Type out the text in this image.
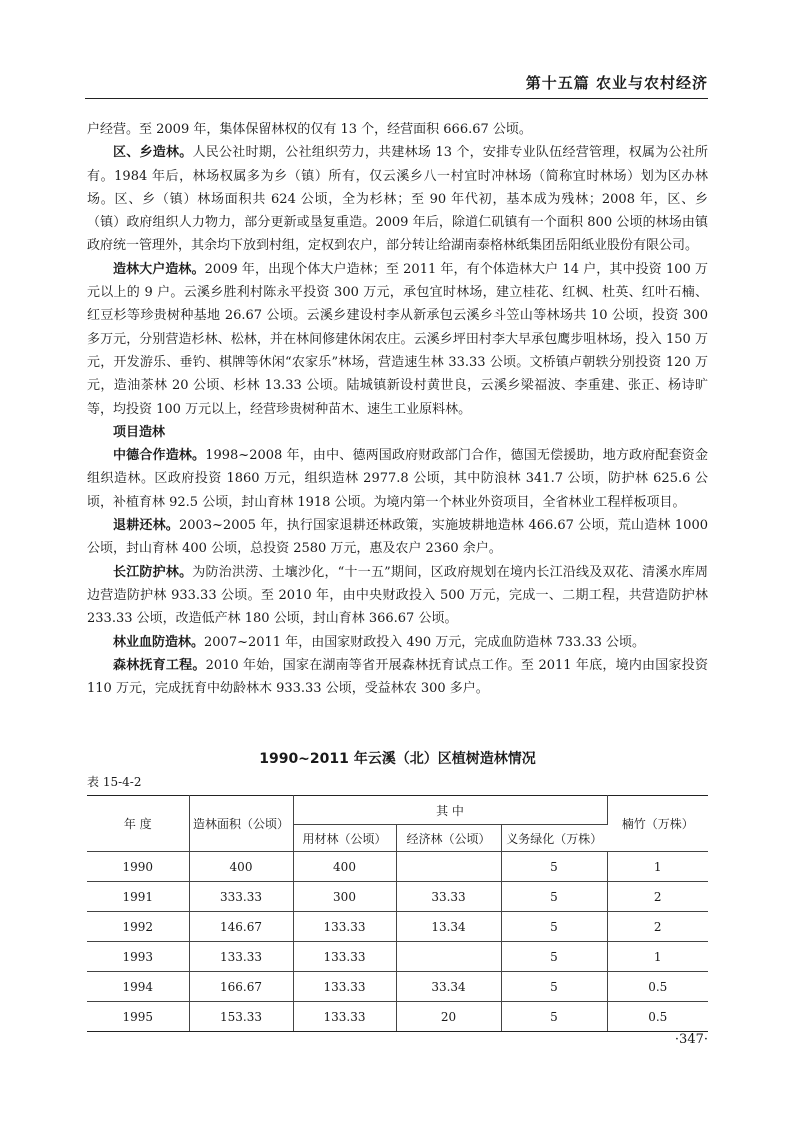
第十五篇 农业与农村经济

户经营。至 2009 年，集体保留林权的仅有 13 个，经营面积 666.67 公顷。

区、乡造林。人民公社时期，公社组织劳力，共建林场 13 个，安排专业队伍经营管理，权属为公社所有。1984 年后，林场权属多为乡（镇）所有，仅云溪乡八一村宜时冲林场（简称宜时林场）划为区办林场。区、乡（镇）林场面积共 624 公顷，全为杉林；至 90 年代初，基本成为残林；2008 年，区、乡（镇）政府组织人力物力，部分更新或垦复重造。2009 年后，除道仁矶镇有一个面积 800 公顷的林场由镇政府统一管理外，其余均下放到村组，定权到农户，部分转让给湖南泰格林纸集团岳阳纸业股份有限公司。

造林大户造林。2009 年，出现个体大户造林；至 2011 年，有个体造林大户 14 户，其中投资 100 万元以上的 9 户。云溪乡胜利村陈永平投资 300 万元，承包宜时林场，建立桂花、红枫、杜英、红叶石楠、红豆杉等珍贵树种基地 26.67 公顷。云溪乡建设村李从新承包云溪乡斗笠山等林场共 10 公顷，投资 300 多万元，分别营造杉林、松林，并在林间修建休闲农庄。云溪乡坪田村李大早承包鹰步咀林场，投入 150 万元，开发游乐、垂钓、棋牌等休闲“农家乐”林场，营造速生林 33.33 公顷。文桥镇卢朝轶分别投资 120 万元，造油茶林 20 公顷、杉林 13.33 公顷。陆城镇新设村黄世良，云溪乡梁福波、李重建、张正、杨诗旷等，均投资 100 万元以上，经营珍贵树种苗木、速生工业原料林。

项目造林

中德合作造林。1998~2008 年，由中、德两国政府财政部门合作，德国无偿援助，地方政府配套资金组织造林。区政府投资 1860 万元，组织造林 2977.8 公顷，其中防浪林 341.7 公顷，防护林 625.6 公顷，补植育林 92.5 公顷，封山育林 1918 公顷。为境内第一个林业外资项目，全省林业工程样板项目。

退耕还林。2003~2005 年，执行国家退耕还林政策，实施坡耕地造林 466.67 公顷，荒山造林 1000 公顷，封山育林 400 公顷，总投资 2580 万元，惠及农户 2360 余户。

长江防护林。为防治洪涝、土壤沙化，“十一五”期间，区政府规划在境内长江沿线及双花、清溪水库周边营造防护林 933.33 公顷。至 2010 年，由中央财政投入 500 万元，完成一、二期工程，共营造防护林 233.33 公顷，改造低产林 180 公顷，封山育林 366.67 公顷。

林业血防造林。2007~2011 年，由国家财政投入 490 万元，完成血防造林 733.33 公顷。

森林抚育工程。2010 年始，国家在湖南等省开展森林抚育试点工作。至 2011 年底，境内由国家投资 110 万元，完成抚育中幼龄林木 933.33 公顷，受益林农 300 多户。

1990~2011 年云溪（北）区植树造林情况
表 15-4-2
年 度	造林面积（公顷）	其 中			楠竹（万株）
		用材林（公顷）	经济林（公顷）	义务绿化（万株）	
1990	400	400		5	1
1991	333.33	300	33.33	5	2
1992	146.67	133.33	13.34	5	2
1993	133.33	133.33		5	1
1994	166.67	133.33	33.34	5	0.5
1995	153.33	133.33	20	5	0.5
·347·
